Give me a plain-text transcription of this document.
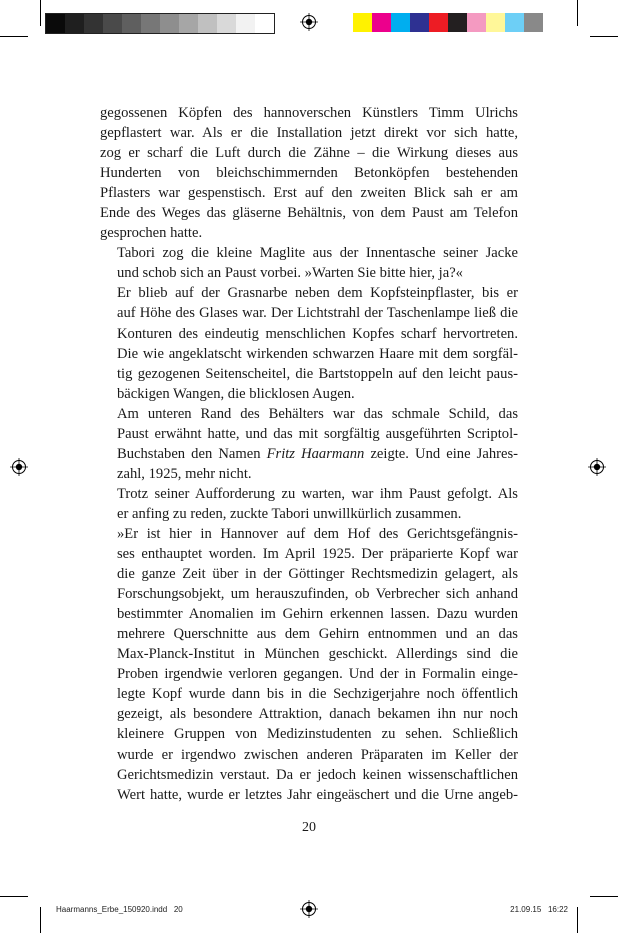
gegossenen Köpfen des hannoverschen Künstlers Timm Ulrichs
gepflastert war. Als er die Installation jetzt direkt vor sich hatte,
zog er scharf die Luft durch die Zähne – die Wirkung dieses aus
Hunderten von bleichschimmernden Betonköpfen bestehenden
Pflasters war gespenstisch. Erst auf den zweiten Blick sah er am
Ende des Weges das gläserne Behältnis, von dem Paust am Telefon
gesprochen hatte.

Tabori zog die kleine Maglite aus der Innentasche seiner Jacke
und schob sich an Paust vorbei. »Warten Sie bitte hier, ja?«

Er blieb auf der Grasnarbe neben dem Kopfsteinpflaster, bis er
auf Höhe des Glases war. Der Lichtstrahl der Taschenlampe ließ die
Konturen des eindeutig menschlichen Kopfes scharf hervortreten.
Die wie angeklatscht wirkenden schwarzen Haare mit dem sorgfäl-
tig gezogenen Seitenscheitel, die Bartstoppeln auf den leicht paus-
bäckigen Wangen, die blicklosen Augen.

Am unteren Rand des Behälters war das schmale Schild, das
Paust erwähnt hatte, und das mit sorgfältig ausgeführten Scriptol-
Buchstaben den Namen Fritz Haarmann zeigte. Und eine Jahres-
zahl, 1925, mehr nicht.

Trotz seiner Aufforderung zu warten, war ihm Paust gefolgt. Als
er anfing zu reden, zuckte Tabori unwillkürlich zusammen.

»Er ist hier in Hannover auf dem Hof des Gerichtsgefängnis-
ses enthauptet worden. Im April 1925. Der präparierte Kopf war
die ganze Zeit über in der Göttinger Rechtsmedizin gelagert, als
Forschungsobjekt, um herauszufinden, ob Verbrecher sich anhand
bestimmter Anomalien im Gehirn erkennen lassen. Dazu wurden
mehrere Querschnitte aus dem Gehirn entnommen und an das
Max-Planck-Institut in München geschickt. Allerdings sind die
Proben irgendwie verloren gegangen. Und der in Formalin einge-
legte Kopf wurde dann bis in die Sechzigerjahre noch öffentlich
gezeigt, als besondere Attraktion, danach bekamen ihn nur noch
kleinere Gruppen von Medizinstudenten zu sehen. Schließlich
wurde er irgendwo zwischen anderen Präparaten im Keller der
Gerichtsmedizin verstaut. Da er jedoch keinen wissenschaftlichen
Wert hatte, wurde er letztes Jahr eingeäschert und die Urne angeb-

20
Haarmanns_Erbe_150920.indd   20	21.09.15   16:22
